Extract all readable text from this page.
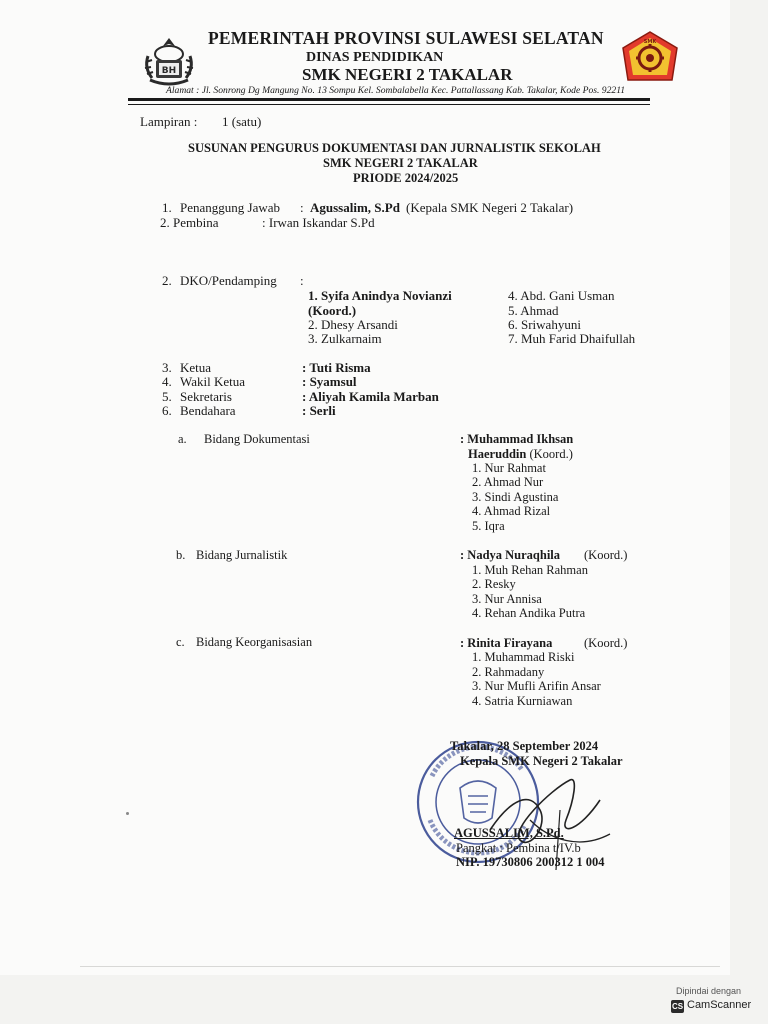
BH
SMK
PEMERINTAH PROVINSI SULAWESI SELATAN
DINAS PENDIDIKAN
SMK NEGERI 2 TAKALAR
Alamat : Jl. Sonrong Dg Mangung No. 13 Sompu Kel. Sombalabella Kec. Pattallassang Kab. Takalar, Kode Pos. 92211
Lampiran : 1 (satu)
SUSUNAN PENGURUS DOKUMENTASI DAN JURNALISTIK SEKOLAH
SMK NEGERI 2 TAKALAR
PRIODE 2024/2025
1. Penanggung Jawab : Agussalim, S.Pd (Kepala SMK Negeri 2 Takalar)
2. Pembina	: Irwan Iskandar S.Pd
2. DKO/Pendamping :
1. Syifa Anindya Novianzi
(Koord.)
2. Dhesy Arsandi
3. Zulkarnaim
4. Abd. Gani Usman
5. Ahmad
6. Sriwahyuni
7. Muh Farid Dhaifullah
3. Ketua	: Tuti Risma
4. Wakil Ketua	: Syamsul
5. Sekretaris	: Aliyah Kamila Marban
6. Bendahara	: Serli
a. Bidang Dokumentasi	: Muhammad Ikhsan
Haeruddin (Koord.)
1. Nur Rahmat
2. Ahmad Nur
3. Sindi Agustina
4. Ahmad Rizal
5. Iqra
b. Bidang Jurnalistik	: Nadya Nuraqhila (Koord.)
1. Muh Rehan Rahman
2. Resky
3. Nur Annisa
4. Rehan Andika Putra
c. Bidang Keorganisasian	: Rinita Firayana	(Koord.)
1. Muhammad Riski
2. Rahmadany
3. Nur Mufli Arifin Ansar
4. Satria Kurniawan
Takalar, 28 September 2024
Kepala SMK Negeri 2 Takalar
AGUSSALIM, S.Pd.
Pangkat : Pembina t/IV.b
NIP. 19730806 200312 1 004
Dipindai dengan
CS CamScanner
